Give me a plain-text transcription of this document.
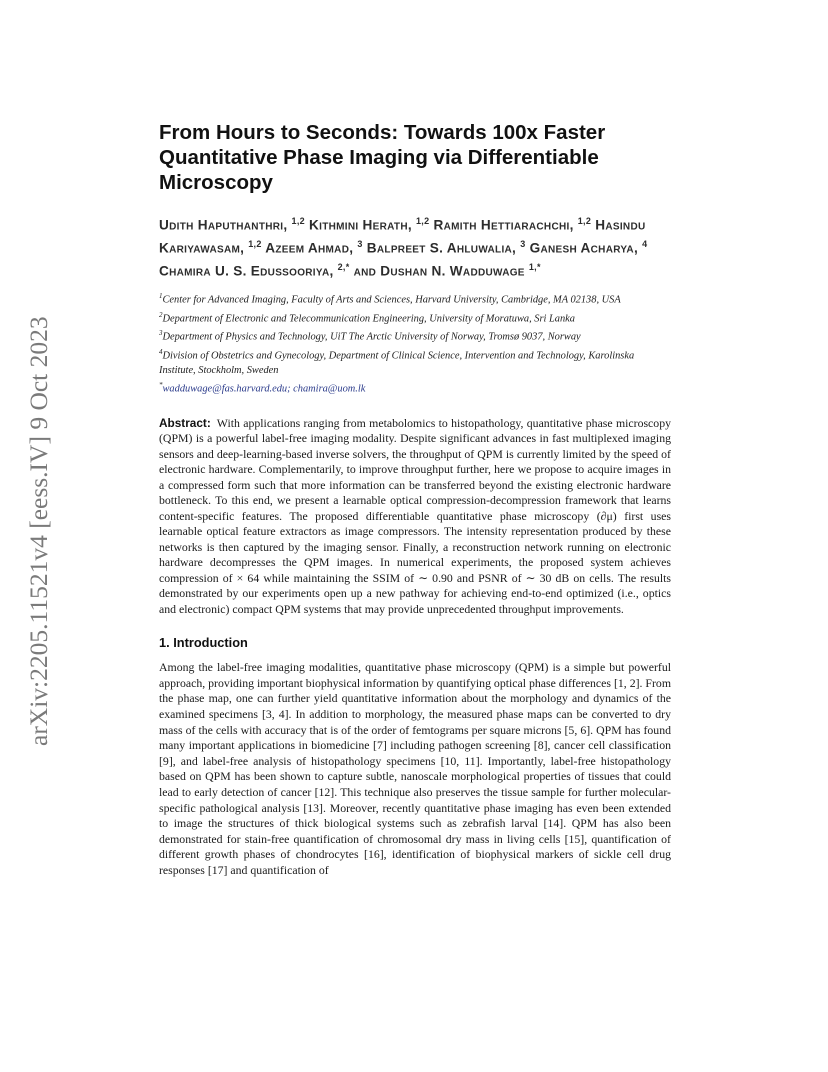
arXiv:2205.11521v4 [eess.IV] 9 Oct 2023
From Hours to Seconds: Towards 100x Faster Quantitative Phase Imaging via Differentiable Microscopy
Udith Haputhanthri, $^{1,2}$ Kithmini Herath, $^{1,2}$ Ramith Hettiarachchi, $^{1,2}$ Hasindu Kariyawasam, $^{1,2}$ Azeem Ahmad, $^3$ Balpreet S. Ahluwalia, $^3$ Ganesh Acharya, $^4$ Chamira U. S. Edussooriya, $^{2,*}$ and Dushan N. Wadduwage $^{1,*}$
$^1$Center for Advanced Imaging, Faculty of Arts and Sciences, Harvard University, Cambridge, MA 02138, USA
$^2$Department of Electronic and Telecommunication Engineering, University of Moratuwa, Sri Lanka
$^3$Department of Physics and Technology, UiT The Arctic University of Norway, Tromsø 9037, Norway
$^4$Division of Obstetrics and Gynecology, Department of Clinical Science, Intervention and Technology, Karolinska Institute, Stockholm, Sweden
*wadduwage@fas.harvard.edu; chamira@uom.lk
Abstract: With applications ranging from metabolomics to histopathology, quantitative phase microscopy (QPM) is a powerful label-free imaging modality. Despite significant advances in fast multiplexed imaging sensors and deep-learning-based inverse solvers, the throughput of QPM is currently limited by the speed of electronic hardware. Complementarily, to improve throughput further, here we propose to acquire images in a compressed form such that more information can be transferred beyond the existing electronic hardware bottleneck. To this end, we present a learnable optical compression-decompression framework that learns content-specific features. The proposed differentiable quantitative phase microscopy (∂μ) first uses learnable optical feature extractors as image compressors. The intensity representation produced by these networks is then captured by the imaging sensor. Finally, a reconstruction network running on electronic hardware decompresses the QPM images. In numerical experiments, the proposed system achieves compression of × 64 while maintaining the SSIM of ∼ 0.90 and PSNR of ∼ 30 dB on cells. The results demonstrated by our experiments open up a new pathway for achieving end-to-end optimized (i.e., optics and electronic) compact QPM systems that may provide unprecedented throughput improvements.
1. Introduction
Among the label-free imaging modalities, quantitative phase microscopy (QPM) is a simple but powerful approach, providing important biophysical information by quantifying optical phase differences [1, 2]. From the phase map, one can further yield quantitative information about the morphology and dynamics of the examined specimens [3, 4]. In addition to morphology, the measured phase maps can be converted to dry mass of the cells with accuracy that is of the order of femtograms per square microns [5, 6]. QPM has found many important applications in biomedicine [7] including pathogen screening [8], cancer cell classification [9], and label-free analysis of histopathology specimens [10, 11]. Importantly, label-free histopathology based on QPM has been shown to capture subtle, nanoscale morphological properties of tissues that could lead to early detection of cancer [12]. This technique also preserves the tissue sample for further molecular-specific pathological analysis [13]. Moreover, recently quantitative phase imaging has even been extended to image the structures of thick biological systems such as zebrafish larval [14]. QPM has also been demonstrated for stain-free quantification of chromosomal dry mass in living cells [15], quantification of different growth phases of chondrocytes [16], identification of biophysical markers of sickle cell drug responses [17] and quantification of
